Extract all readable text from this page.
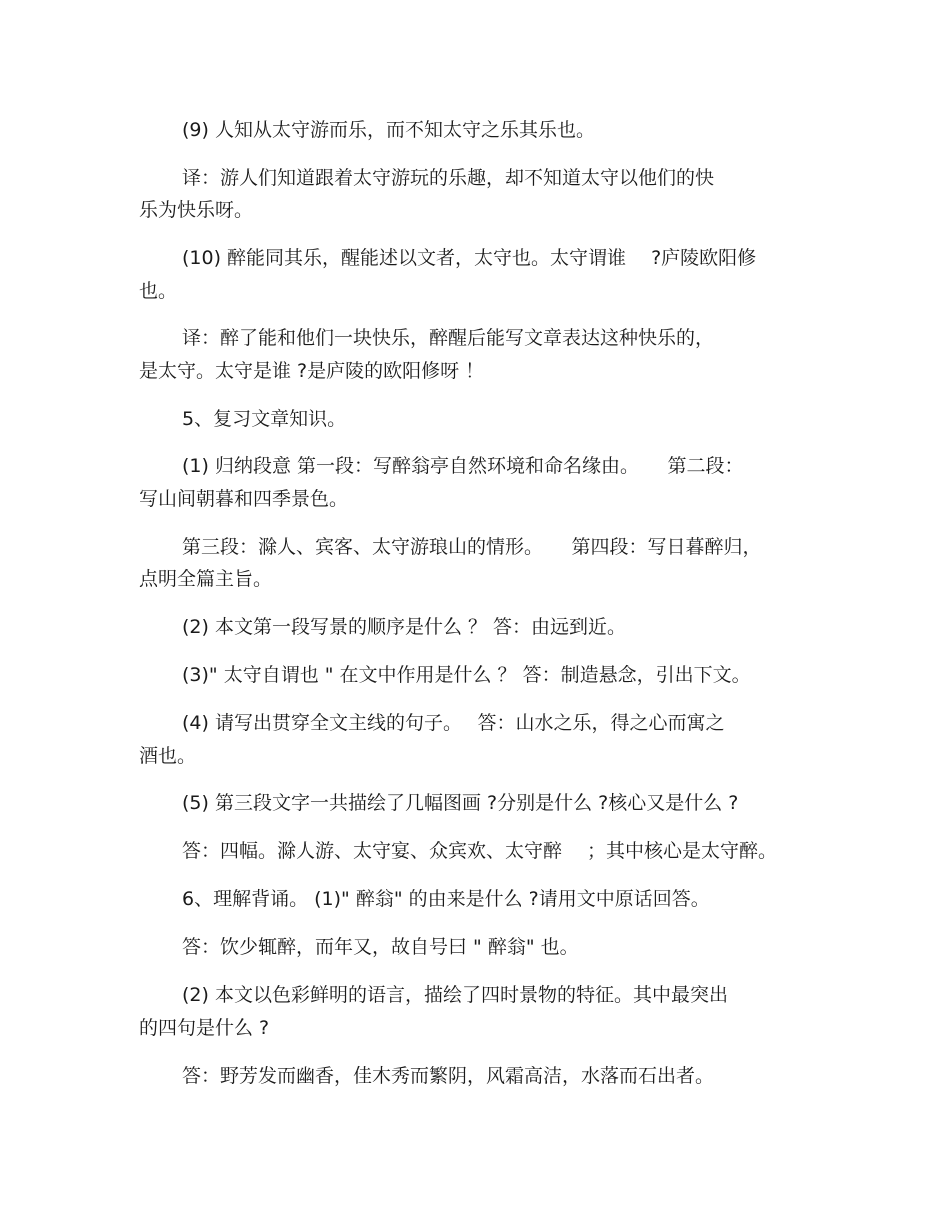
(9) 人知从太守游而乐，而不知太守之乐其乐也。
译：游人们知道跟着太守游玩的乐趣，却不知道太守以他们的快
乐为快乐呀。
(10) 醉能同其乐，醒能述以文者，太守也。太守谓谁　 ?庐陵欧阳修
也。
译：醉了能和他们一块快乐，醉醒后能写文章表达这种快乐的，
是太守。太守是谁 ?是庐陵的欧阳修呀 ！
5、复习文章知识。
(1) 归纳段意 第一段：写醉翁亭自然环境和命名缘由。　　第二段：
写山间朝暮和四季景色。
第三段：滁人、宾客、太守游琅山的情形。　　第四段：写日暮醉归，
点明全篇主旨。
(2) 本文第一段写景的顺序是什么 ？ 答：由远到近。
(3)" 太守自谓也 " 在文中作用是什么 ？ 答：制造悬念，引出下文。
(4) 请写出贯穿全文主线的句子。　 答：山水之乐，得之心而寓之
酒也。
(5) 第三段文字一共描绘了几幅图画 ?分别是什么 ?核心又是什么 ?
答：四幅。滁人游、太守宴、众宾欢、太守醉　 ；其中核心是太守醉。
6、理解背诵。 (1)" 醉翁" 的由来是什么 ?请用文中原话回答。
答：饮少辄醉，而年又，故自号曰 " 醉翁" 也。
(2) 本文以色彩鲜明的语言，描绘了四时景物的特征。其中最突出
的四句是什么 ?
答：野芳发而幽香，佳木秀而繁阴，风霜高洁，水落而石出者。
